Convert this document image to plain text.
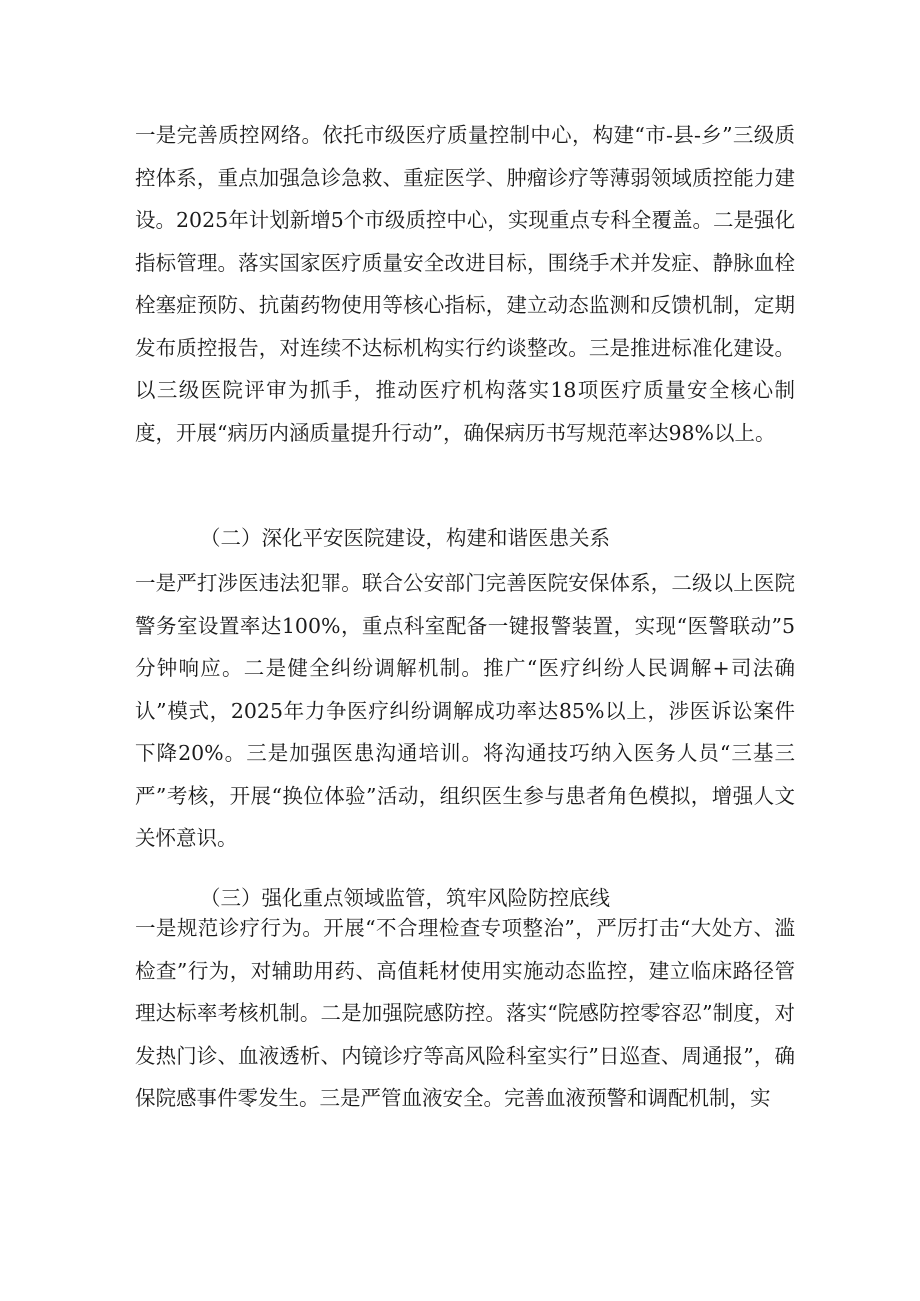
一是完善质控网络。依托市级医疗质量控制中心，构建“市-县-乡”三级质控体系，重点加强急诊急救、重症医学、肿瘤诊疗等薄弱领域质控能力建设。2025年计划新增5个市级质控中心，实现重点专科全覆盖。二是强化指标管理。落实国家医疗质量安全改进目标，围绕手术并发症、静脉血栓栓塞症预防、抗菌药物使用等核心指标，建立动态监测和反馈机制，定期发布质控报告，对连续不达标机构实行约谈整改。三是推进标准化建设。以三级医院评审为抓手，推动医疗机构落实18项医疗质量安全核心制度，开展“病历内涵质量提升行动”，确保病历书写规范率达98%以上。

（二）深化平安医院建设，构建和谐医患关系

一是严打涉医违法犯罪。联合公安部门完善医院安保体系，二级以上医院警务室设置率达100%，重点科室配备一键报警装置，实现“医警联动”5分钟响应。二是健全纠纷调解机制。推广“医疗纠纷人民调解+司法确认”模式，2025年力争医疗纠纷调解成功率达85%以上，涉医诉讼案件下降20%。三是加强医患沟通培训。将沟通技巧纳入医务人员“三基三严”考核，开展“换位体验”活动，组织医生参与患者角色模拟，增强人文关怀意识。

（三）强化重点领域监管，筑牢风险防控底线

一是规范诊疗行为。开展“不合理检查专项整治”，严厉打击“大处方、滥检查”行为，对辅助用药、高值耗材使用实施动态监控，建立临床路径管理达标率考核机制。二是加强院感防控。落实“院感防控零容忍”制度，对发热门诊、血液透析、内镜诊疗等高风险科室实行”日巡查、周通报”，确保院感事件零发生。三是严管血液安全。完善血液预警和调配机制，实
